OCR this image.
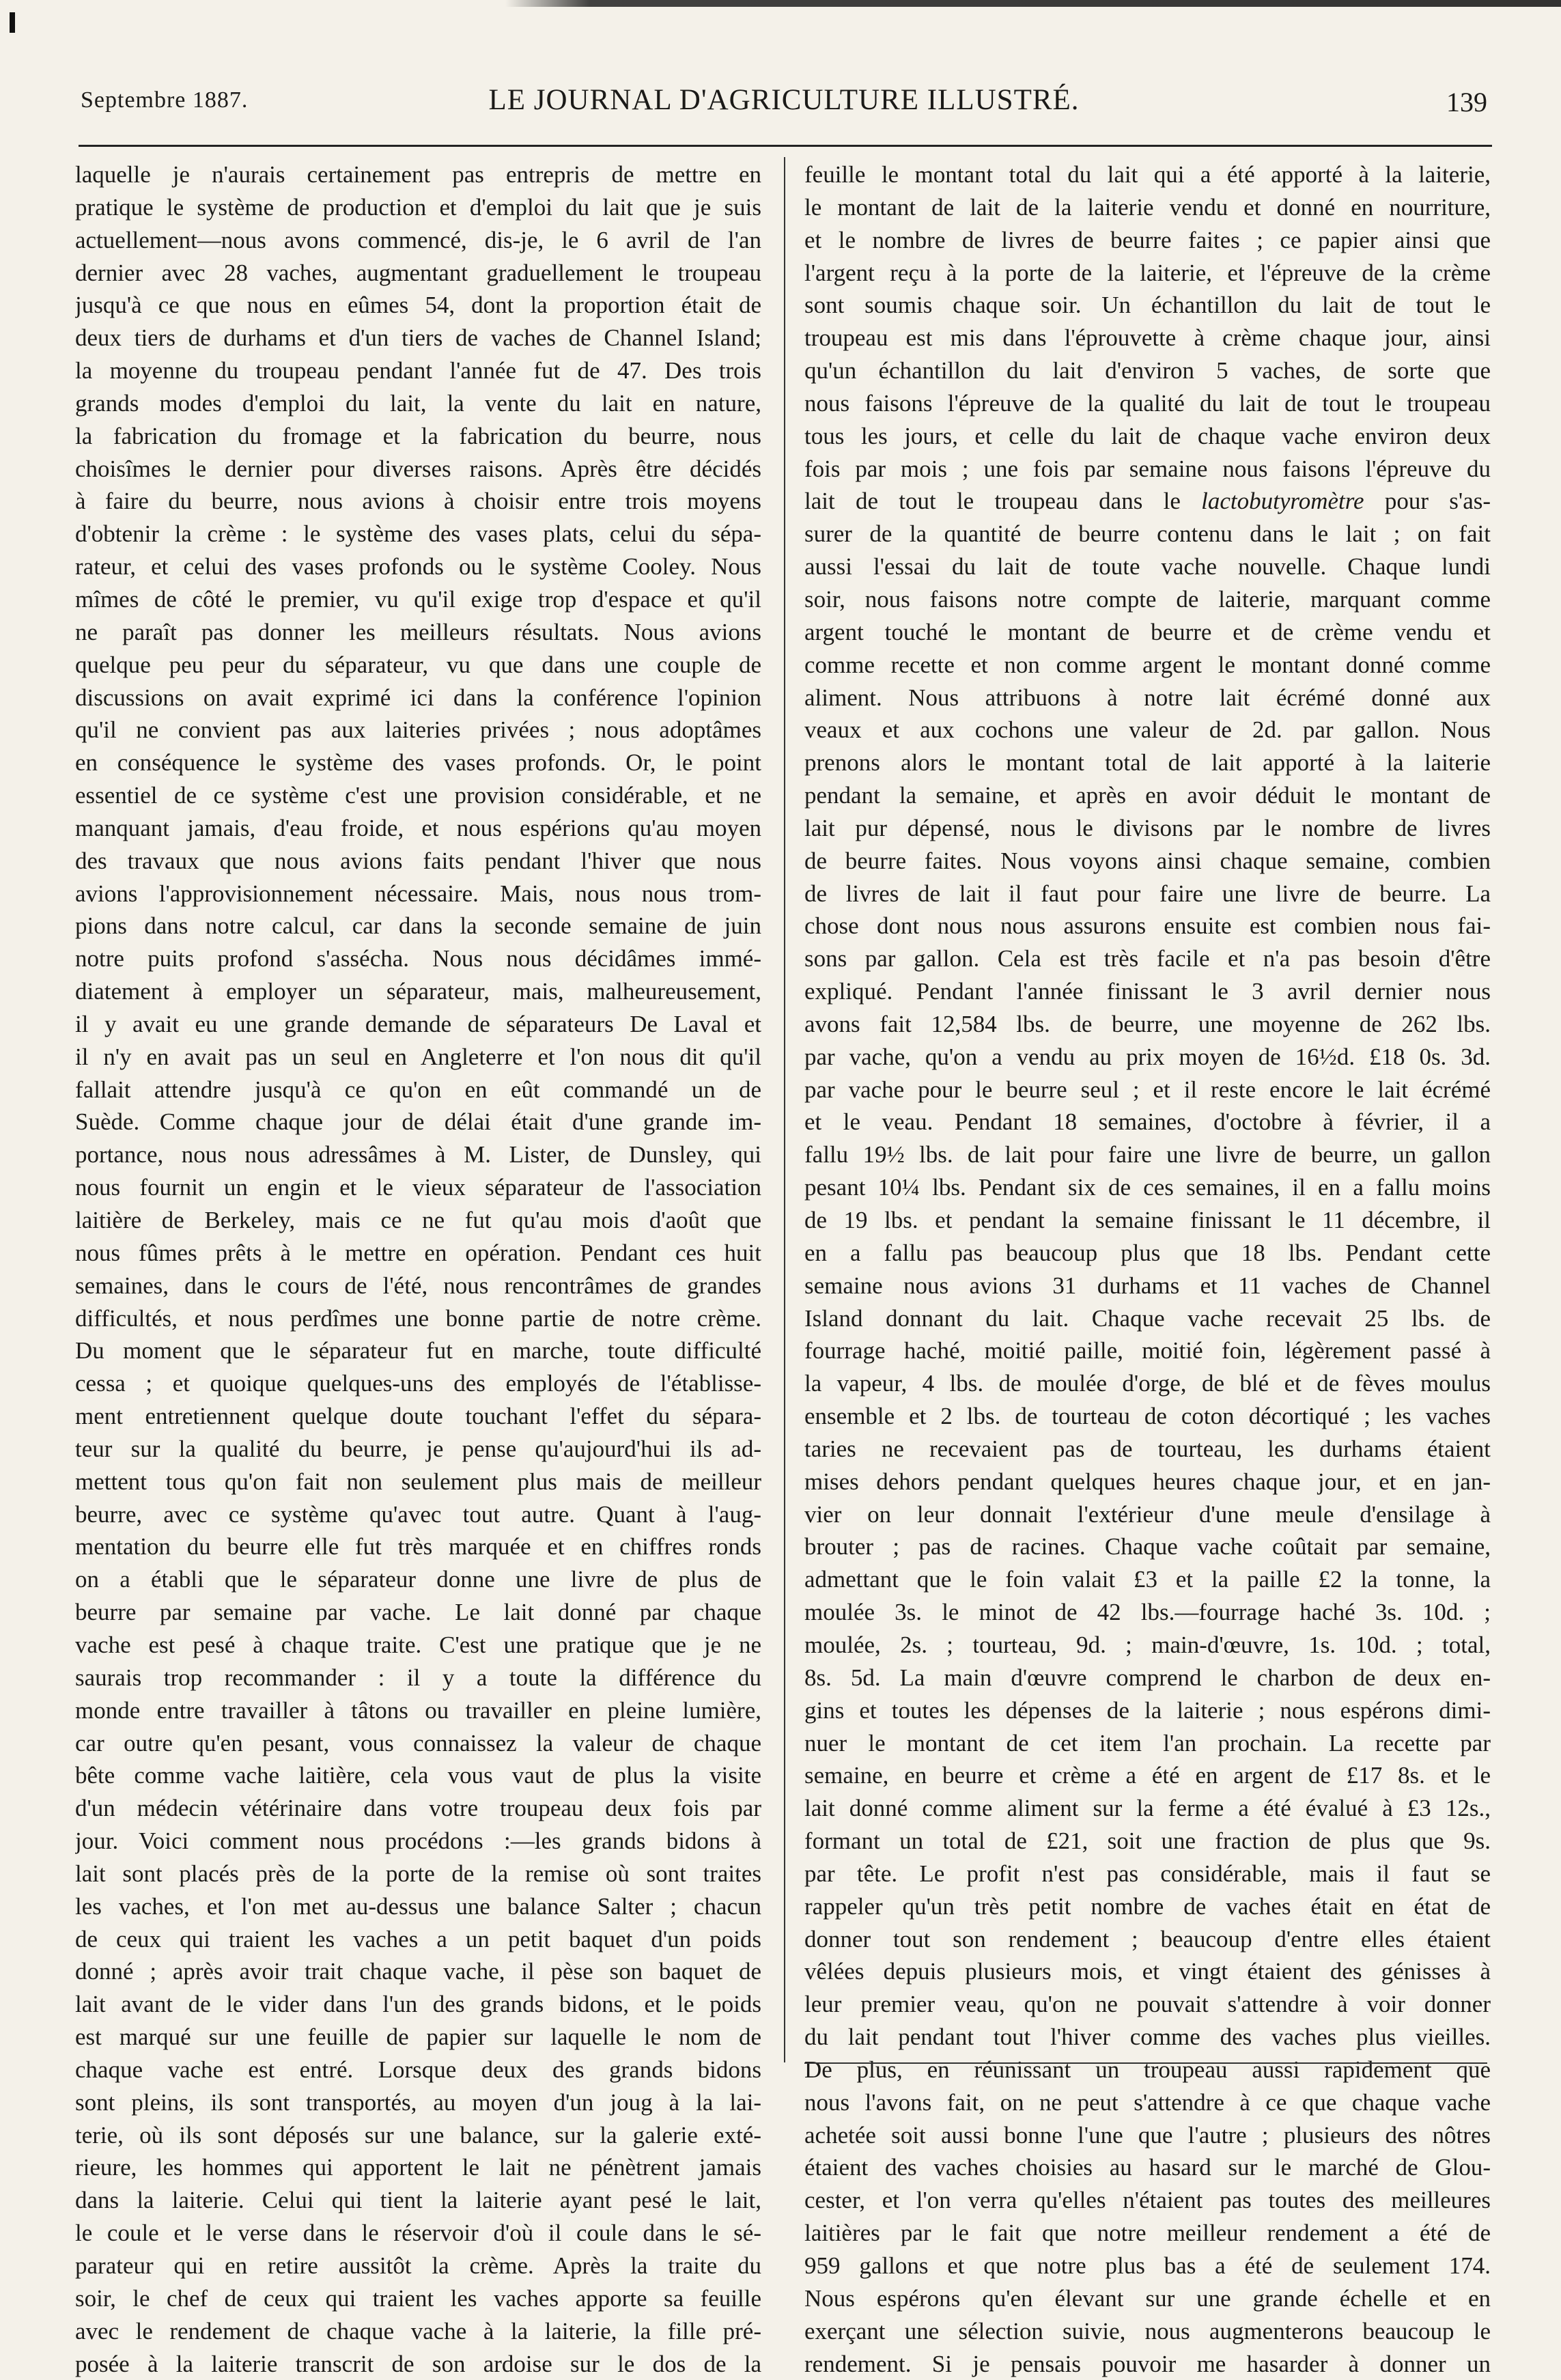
Septembre 1887.	LE JOURNAL D'AGRICULTURE ILLUSTRÉ.	139
laquelle je n'aurais certainement pas entrepris de mettre en
pratique le système de production et d'emploi du lait que je suis
actuellement—nous avons commencé, dis-je, le 6 avril de l'an
dernier avec 28 vaches, augmentant graduellement le troupeau
jusqu'à ce que nous en eûmes 54, dont la proportion était de
deux tiers de durhams et d'un tiers de vaches de Channel Island;
la moyenne du troupeau pendant l'année fut de 47. Des trois
grands modes d'emploi du lait, la vente du lait en nature,
la fabrication du fromage et la fabrication du beurre, nous
choisîmes le dernier pour diverses raisons. Après être décidés
à faire du beurre, nous avions à choisir entre trois moyens
d'obtenir la crème : le système des vases plats, celui du sépa-
rateur, et celui des vases profonds ou le système Cooley. Nous
mîmes de côté le premier, vu qu'il exige trop d'espace et qu'il
ne paraît pas donner les meilleurs résultats. Nous avions
quelque peu peur du séparateur, vu que dans une couple de
discussions on avait exprimé ici dans la conférence l'opinion
qu'il ne convient pas aux laiteries privées ; nous adoptâmes
en conséquence le système des vases profonds. Or, le point
essentiel de ce système c'est une provision considérable, et ne
manquant jamais, d'eau froide, et nous espérions qu'au moyen
des travaux que nous avions faits pendant l'hiver que nous
avions l'approvisionnement nécessaire. Mais, nous nous trom-
pions dans notre calcul, car dans la seconde semaine de juin
notre puits profond s'asséchа. Nous nous décidâmes immé-
diatement à employer un séparateur, mais, malheureusement,
il y avait eu une grande demande de séparateurs De Laval et
il n'y en avait pas un seul en Angleterre et l'on nous dit qu'il
fallait attendre jusqu'à ce qu'on en eût commandé un de
Suède. Comme chaque jour de délai était d'une grande im-
portance, nous nous adressâmes à M. Lister, de Dunsley, qui
nous fournit un engin et le vieux séparateur de l'association
laitière de Berkeley, mais ce ne fut qu'au mois d'août que
nous fûmes prêts à le mettre en opération. Pendant ces huit
semaines, dans le cours de l'été, nous rencontrâmes de grandes
difficultés, et nous perdîmes une bonne partie de notre crème.
Du moment que le séparateur fut en marche, toute difficulté
cessa ; et quoique quelques-uns des employés de l'établisse-
ment entretiennent quelque doute touchant l'effet du sépara-
teur sur la qualité du beurre, je pense qu'aujourd'hui ils ad-
mettent tous qu'on fait non seulement plus mais de meilleur
beurre, avec ce système qu'avec tout autre. Quant à l'aug-
mentation du beurre elle fut très marquée et en chiffres ronds
on a établi que le séparateur donne une livre de plus de
beurre par semaine par vache. Le lait donné par chaque
vache est pesé à chaque traite. C'est une pratique que je ne
saurais trop recommander : il y a toute la différence du
monde entre travailler à tâtons ou travailler en pleine lumière,
car outre qu'en pesant, vous connaissez la valeur de chaque
bête comme vache laitière, cela vous vaut de plus la visite
d'un médecin vétérinaire dans votre troupeau deux fois par
jour. Voici comment nous procédons :—les grands bidons à
lait sont placés près de la porte de la remise où sont traites
les vaches, et l'on met au-dessus une balance Salter ; chacun
de ceux qui traient les vaches a un petit baquet d'un poids
donné ; après avoir trait chaque vache, il pèse son baquet de
lait avant de le vider dans l'un des grands bidons, et le poids
est marqué sur une feuille de papier sur laquelle le nom de
chaque vache est entré. Lorsque deux des grands bidons
sont pleins, ils sont transportés, au moyen d'un joug à la lai-
terie, où ils sont déposés sur une balance, sur la galerie exté-
rieure, les hommes qui apportent le lait ne pénètrent jamais
dans la laiterie. Celui qui tient la laiterie ayant pesé le lait,
le coule et le verse dans le réservoir d'où il coule dans le sé-
parateur qui en retire aussitôt la crème. Après la traite du
soir, le chef de ceux qui traient les vaches apporte sa feuille
avec le rendement de chaque vache à la laiterie, la fille pré-
posée à la laiterie transcrit de son ardoise sur le dos de la
feuille le montant total du lait qui a été apporté à la laiterie,
le montant de lait de la laiterie vendu et donné en nourriture,
et le nombre de livres de beurre faites ; ce papier ainsi que
l'argent reçu à la porte de la laiterie, et l'épreuve de la crème
sont soumis chaque soir. Un échantillon du lait de tout le
troupeau est mis dans l'éprouvette à crème chaque jour, ainsi
qu'un échantillon du lait d'environ 5 vaches, de sorte que
nous faisons l'épreuve de la qualité du lait de tout le troupeau
tous les jours, et celle du lait de chaque vache environ deux
fois par mois ; une fois par semaine nous faisons l'épreuve du
lait de tout le troupeau dans le lactobutyromètre pour s'as-
surer de la quantité de beurre contenu dans le lait ; on fait
aussi l'essai du lait de toute vache nouvelle. Chaque lundi
soir, nous faisons notre compte de laiterie, marquant comme
argent touché le montant de beurre et de crème vendu et
comme recette et non comme argent le montant donné comme
aliment. Nous attribuons à notre lait écrémé donné aux
veaux et aux cochons une valeur de 2d. par gallon. Nous
prenons alors le montant total de lait apporté à la laiterie
pendant la semaine, et après en avoir déduit le montant de
lait pur dépensé, nous le divisons par le nombre de livres
de beurre faites. Nous voyons ainsi chaque semaine, combien
de livres de lait il faut pour faire une livre de beurre. La
chose dont nous nous assurons ensuite est combien nous fai-
sons par gallon. Cela est très facile et n'a pas besoin d'être
expliqué. Pendant l'année finissant le 3 avril dernier nous
avons fait 12,584 lbs. de beurre, une moyenne de 262 lbs.
par vache, qu'on a vendu au prix moyen de 16½d. £18 0s. 3d.
par vache pour le beurre seul ; et il reste encore le lait écrémé
et le veau. Pendant 18 semaines, d'octobre à février, il a
fallu 19½ lbs. de lait pour faire une livre de beurre, un gallon
pesant 10¼ lbs. Pendant six de ces semaines, il en a fallu moins
de 19 lbs. et pendant la semaine finissant le 11 décembre, il
en a fallu pas beaucoup plus que 18 lbs. Pendant cette
semaine nous avions 31 durhams et 11 vaches de Channel
Island donnant du lait. Chaque vache recevait 25 lbs. de
fourrage haché, moitié paille, moitié foin, légèrement passé à
la vapeur, 4 lbs. de moulée d'orge, de blé et de fèves moulus
ensemble et 2 lbs. de tourteau de coton décortiqué ; les vaches
taries ne recevaient pas de tourteau, les durhams étaient
mises dehors pendant quelques heures chaque jour, et en jan-
vier on leur donnait l'extérieur d'une meule d'ensilage à
brouter ; pas de racines. Chaque vache coûtait par semaine,
admettant que le foin valait £3 et la paille £2 la tonne, la
moulée 3s. le minot de 42 lbs.—fourrage haché 3s. 10d. ;
moulée, 2s. ; tourteau, 9d. ; main-d'œuvre, 1s. 10d. ; total,
8s. 5d. La main d'œuvre comprend le charbon de deux en-
gins et toutes les dépenses de la laiterie ; nous espérons dimi-
nuer le montant de cet item l'an prochain. La recette par
semaine, en beurre et crème a été en argent de £17 8s. et le
lait donné comme aliment sur la ferme a été évalué à £3 12s.,
formant un total de £21, soit une fraction de plus que 9s.
par tête. Le profit n'est pas considérable, mais il faut se
rappeler qu'un très petit nombre de vaches était en état de
donner tout son rendement ; beaucoup d'entre elles étaient
vêlées depuis plusieurs mois, et vingt étaient des génisses à
leur premier veau, qu'on ne pouvait s'attendre à voir donner
du lait pendant tout l'hiver comme des vaches plus vieilles.
De plus, en réunissant un troupeau aussi rapidement que
nous l'avons fait, on ne peut s'attendre à ce que chaque vache
achetée soit aussi bonne l'une que l'autre ; plusieurs des nôtres
étaient des vaches choisies au hasard sur le marché de Glou-
cester, et l'on verra qu'elles n'étaient pas toutes des meilleures
laitières par le fait que notre meilleur rendement a été de
959 gallons et que notre plus bas a été de seulement 174.
Nous espérons qu'en élevant sur une grande échelle et en
exerçant une sélection suivie, nous augmenterons beaucoup le
rendement. Si je pensais pouvoir me hasarder à donner un
